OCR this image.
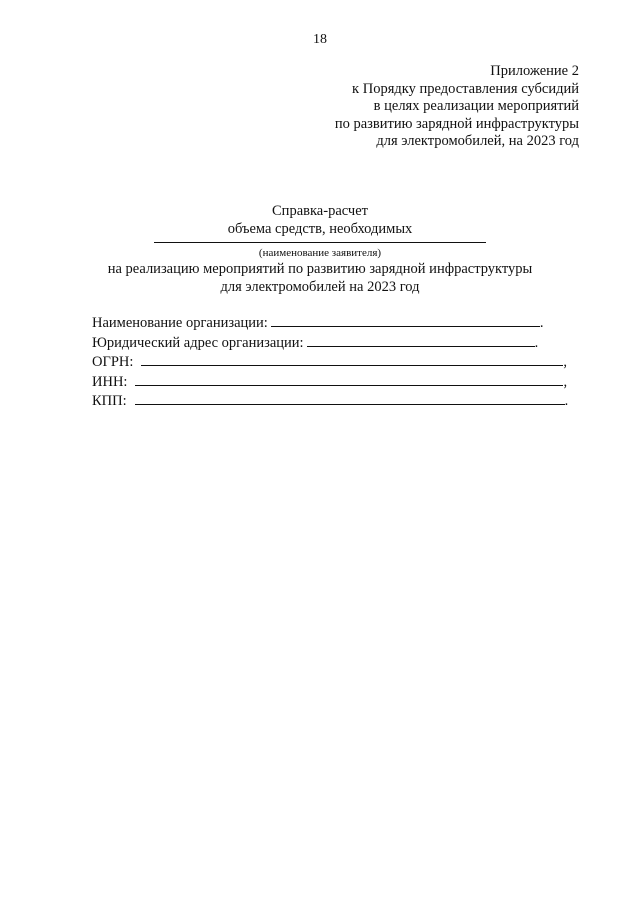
18
Приложение 2
к Порядку предоставления субсидий
в целях реализации мероприятий
по развитию зарядной инфраструктуры
для электромобилей, на 2023 год
Справка-расчет
объема средств, необходимых
(наименование заявителя)
на реализацию мероприятий по развитию зарядной инфраструктуры
для электромобилей на 2023 год
Наименование организации:	.
Юридический адрес организации:	.
ОГРН:	,
ИНН:	,
КПП:	.
